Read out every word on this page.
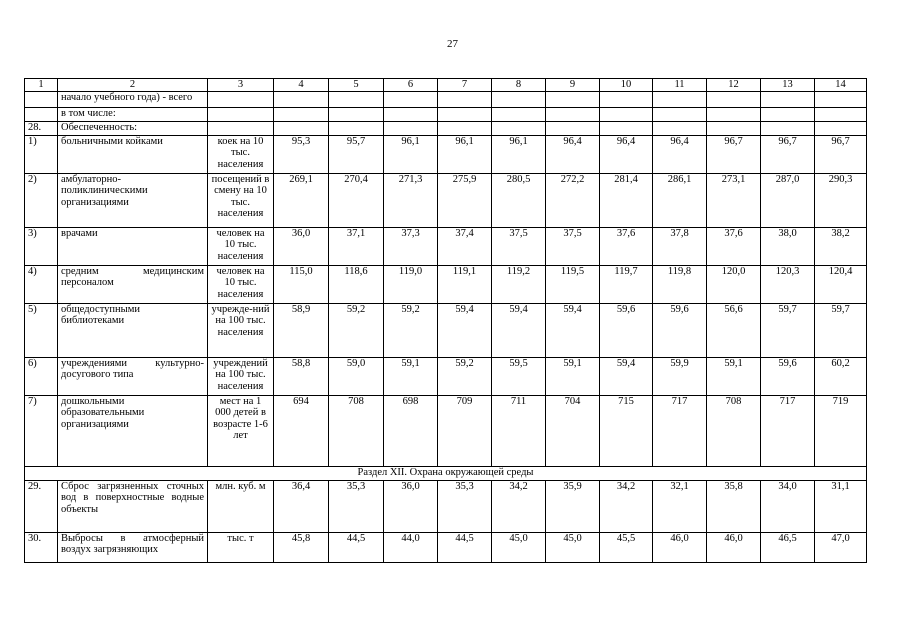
27
1	2	3	4	5	6	7	8	9	10	11	12	13	14
	начало учебного года) - всего												
	в том числе:												
28.	Обеспеченность:												
1)	больничными койками	коек на 10 тыс. населения	95,3	95,7	96,1	96,1	96,1	96,4	96,4	96,4	96,7	96,7	96,7
2)	амбулаторно-поликлиническими организациями	посещений в смену на 10 тыс. населения	269,1	270,4	271,3	275,9	280,5	272,2	281,4	286,1	273,1	287,0	290,3
3)	врачами	человек на 10 тыс. населения	36,0	37,1	37,3	37,4	37,5	37,5	37,6	37,8	37,6	38,0	38,2
4)	средним медицинским персоналом	человек на 10 тыс. населения	115,0	118,6	119,0	119,1	119,2	119,5	119,7	119,8	120,0	120,3	120,4
5)	общедоступными библиотеками	учрежде-ний на 100 тыс. населения	58,9	59,2	59,2	59,4	59,4	59,4	59,6	59,6	56,6	59,7	59,7
6)	учреждениями культурно-досугового типа	учреждений на 100 тыс. населения	58,8	59,0	59,1	59,2	59,5	59,1	59,4	59,9	59,1	59,6	60,2
7)	дошкольными образовательными организациями	мест на 1 000 детей в возрасте 1-6 лет	694	708	698	709	711	704	715	717	708	717	719
Раздел XII. Охрана окружающей среды													
29.	Сброс загрязненных сточных вод в поверхностные водные объекты	млн. куб. м	36,4	35,3	36,0	35,3	34,2	35,9	34,2	32,1	35,8	34,0	31,1
30.	Выбросы в атмосферный воздух загрязняющих	тыс. т	45,8	44,5	44,0	44,5	45,0	45,0	45,5	46,0	46,0	46,5	47,0
